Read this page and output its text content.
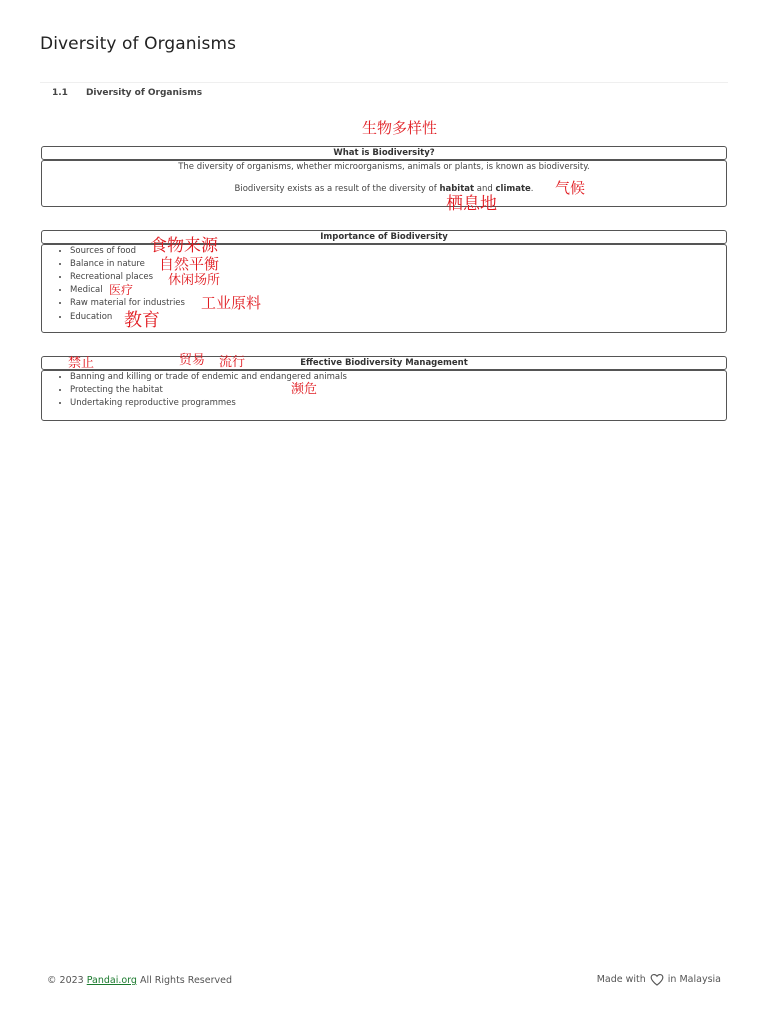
Diversity of Organisms
1.1 Diversity of Organisms
生物多样性
What is Biodiversity?
The diversity of organisms, whether microorganisms, animals or plants, is known as biodiversity.
Biodiversity exists as a result of the diversity of habitat and climate.	气候
栖息地
Importance of Biodiversity
• Sources of food
• Balance in nature
• Recreational places
• Medical
• Raw material for industries
• Education
食物来源
自然平衡
休闲场所
医疗
工业原料
教育
Effective Biodiversity Management
• Banning and killing or trade of endemic and endangered animals
• Protecting the habitat
• Undertaking reproductive programmes
禁止	贸易 流行
濒危
© 2023 Pandai.org All Rights Reserved	Made with in Malaysia
